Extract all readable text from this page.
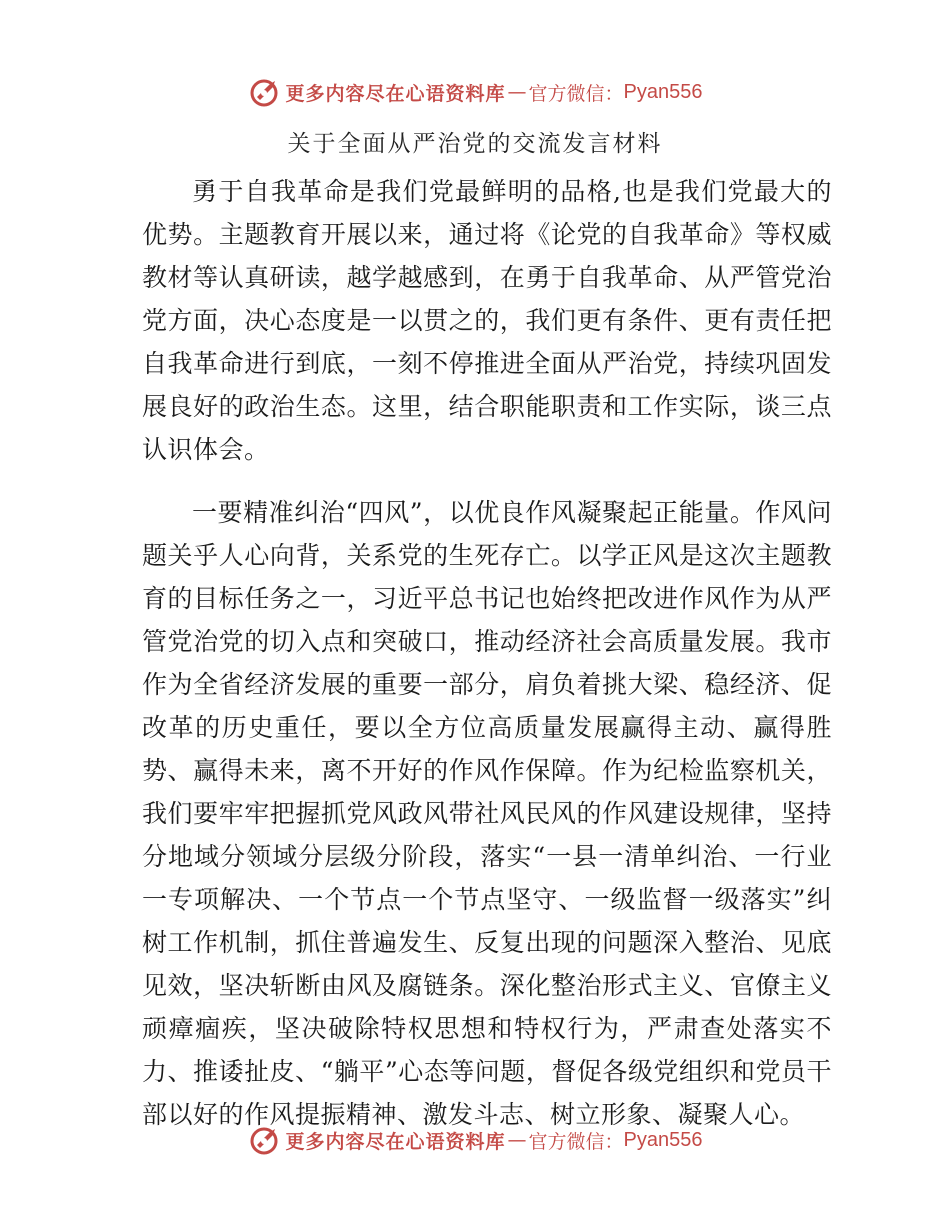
更多内容尽在心语资料库 — 官方微信： Pyan556
关于全面从严治党的交流发言材料

勇于自我革命是我们党最鲜明的品格,也是我们党最大的优势。主题教育开展以来，通过将《论党的自我革命》等权威教材等认真研读，越学越感到，在勇于自我革命、从严管党治党方面，决心态度是一以贯之的，我们更有条件、更有责任把自我革命进行到底，一刻不停推进全面从严治党，持续巩固发展良好的政治生态。这里，结合职能职责和工作实际，谈三点认识体会。

一要精准纠治“四风”，以优良作风凝聚起正能量。作风问题关乎人心向背，关系党的生死存亡。以学正风是这次主题教育的目标任务之一，习近平总书记也始终把改进作风作为从严管党治党的切入点和突破口，推动经济社会高质量发展。我市作为全省经济发展的重要一部分，肩负着挑大梁、稳经济、促改革的历史重任，要以全方位高质量发展赢得主动、赢得胜势、赢得未来，离不开好的作风作保障。作为纪检监察机关，我们要牢牢把握抓党风政风带社风民风的作风建设规律，坚持分地域分领域分层级分阶段，落实“一县一清单纠治、一行业一专项解决、一个节点一个节点坚守、一级监督一级落实”纠树工作机制，抓住普遍发生、反复出现的问题深入整治、见底见效，坚决斩断由风及腐链条。深化整治形式主义、官僚主义顽瘴痼疾，坚决破除特权思想和特权行为，严肃查处落实不力、推诿扯皮、“躺平”心态等问题，督促各级党组织和党员干部以好的作风提振精神、激发斗志、树立形象、凝聚人心。

更多内容尽在心语资料库 — 官方微信： Pyan556
